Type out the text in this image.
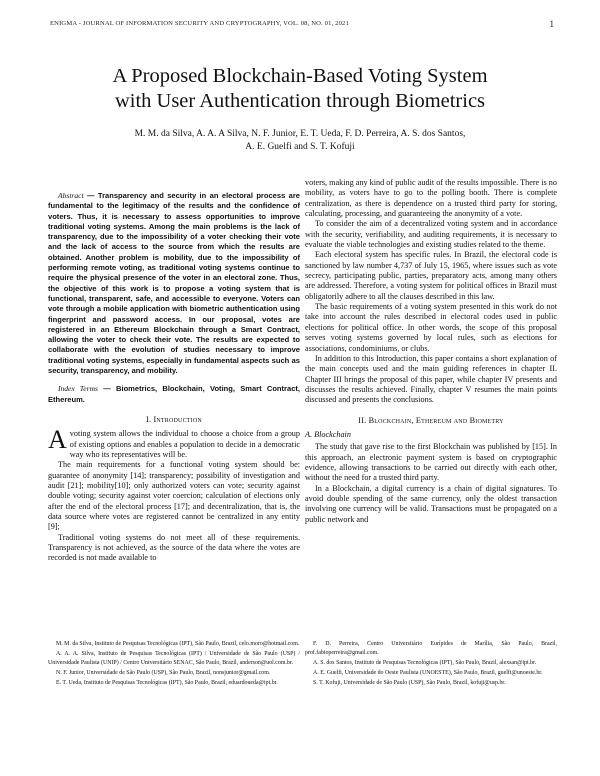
ENIGMA - JOURNAL OF INFORMATION SECURITY AND CRYPTOGRAPHY, VOL. 08, NO. 01, 2021	1
A Proposed Blockchain-Based Voting System
with User Authentication through Biometrics
M. M. da Silva, A. A. A Silva, N. F. Junior, E. T. Ueda, F. D. Perreira, A. S. dos Santos,
A. E. Guelfi and S. T. Kofuji

Abstract — Transparency and security in an electoral process are fundamental to the legitimacy of the results and the confidence of voters. Thus, it is necessary to assess opportunities to improve traditional voting systems. Among the main problems is the lack of transparency, due to the impossibility of a voter checking their vote and the lack of access to the source from which the results are obtained. Another problem is mobility, due to the impossibility of performing remote voting, as traditional voting systems continue to require the physical presence of the voter in an electoral zone. Thus, the objective of this work is to propose a voting system that is functional, transparent, safe, and accessible to everyone. Voters can vote through a mobile application with biometric authentication using fingerprint and password access. In our proposal, votes are registered in an Ethereum Blockchain through a Smart Contract, allowing the voter to check their vote. The results are expected to collaborate with the evolution of studies necessary to improve traditional voting systems, especially in fundamental aspects such as security, transparency, and mobility.

Index Terms — Biometrics, Blockchain, Voting, Smart Contract, Ethereum.

I. Introduction

Avoting system allows the individual to choose a choice from a group of existing options and enables a population to decide in a democratic way who its representatives will be.

The main requirements for a functional voting system should be: guarantee of anonymity [14]; transparency; possibility of investigation and audit [21]; mobility[10]; only authorized voters can vote; security against double voting; security against voter coercion; calculation of elections only after the end of the electoral process [17]; and decentralization, that is, the data source where votes are registered cannot be centralized in any entity [9];

Traditional voting systems do not meet all of these requirements. Transparency is not achieved, as the source of the data where the votes are recorded is not made available to

voters, making any kind of public audit of the results impossible. There is no mobility, as voters have to go to the polling booth. There is complete centralization, as there is dependence on a trusted third party for storing, calculating, processing, and guaranteeing the anonymity of a vote.

To consider the aim of a decentralized voting system and in accordance with the security, verifiability, and auditing requirements, it is necessary to evaluate the viable technologies and existing studies related to the theme.

Each electoral system has specific rules. In Brazil, the electoral code is sanctioned by law number 4,737 of July 15, 1965, where issues such as vote secrecy, participating public, parties, preparatory acts, among many others are addressed. Therefore, a voting system for political offices in Brazil must obligatorily adhere to all the clauses described in this law.

The basic requirements of a voting system presented in this work do not take into account the rules described in electoral codes used in public elections for political office. In other words, the scope of this proposal serves voting systems governed by local rules, such as elections for associations, condominiums, or clubs.

In addition to this Introduction, this paper contains a short explanation of the main concepts used and the main guiding references in chapter II. Chapter III brings the proposal of this paper, while chapter IV presents and discusses the results achieved. Finally, chapter V resumes the main points discussed and presents the conclusions.

II. Blockchain, Ethereum and Biometry
A. Blockchain

The study that gave rise to the first Blockchain was published by [15]. In this approach, an electronic payment system is based on cryptographic evidence, allowing transactions to be carried out directly with each other, without the need for a trusted third party.

In a Blockchain, a digital currency is a chain of digital signatures. To avoid double spending of the same currency, only the oldest transaction involving one currency will be valid. Transactions must be propagated on a public network and

M. M. da Silva, Instituto de Pesquisas Tecnológicas (IPT), São Paulo, Brazil, celo.moro@hotmail.com.

A. A. A. Silva, Instituto de Pesquisas Tecnológicas (IPT) / Universidade de São Paulo (USP) / Universidade Paulista (UNIP) / Centro Universitário SENAC, São Paulo, Brazil, anderson@uol.com.br.

N. F. Junior, Universidade de São Paulo (USP), São Paulo, Brazil, nonsjunior@gmail.com.

E. T. Ueda, Instituto de Pesquisas Tecnológicas (IPT), São Paulo, Brazil, eduardoueda@ipt.br.

F. D. Perreira, Centro Universitário Eurípides de Marília, São Paulo, Brazil, prof.fabioperreira@gmail.com.

A. S. dos Santos, Instituto de Pesquisas Tecnológicas (IPT), São Paulo, Brazil, alexsan@ipt.br.

A. E. Guelfi, Universidade do Oeste Paulista (UNOESTE), São Paulo, Brazil, guelfi@unoeste.br.

S. T. Kofuji, Universidade de São Paulo (USP), São Paulo, Brazil, kofuji@usp.br.
